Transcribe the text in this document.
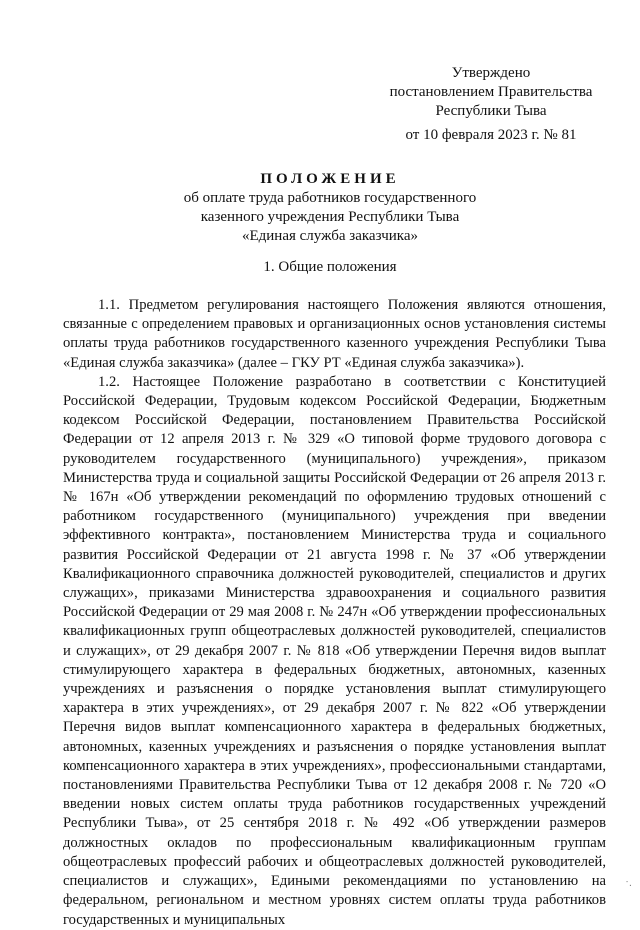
Утверждено
постановлением Правительства
Республики Тыва
от 10 февраля 2023 г. № 81
ПОЛОЖЕНИЕ
об оплате труда работников государственного
казенного учреждения Республики Тыва
«Единая служба заказчика»
1. Общие положения

1.1. Предметом регулирования настоящего Положения являются отношения, связанные с определением правовых и организационных основ установления системы оплаты труда работников государственного казенного учреждения Республики Тыва «Единая служба заказчика» (далее – ГКУ РТ «Единая служба заказчика»).

1.2. Настоящее Положение разработано в соответствии с Конституцией Российской Федерации, Трудовым кодексом Российской Федерации, Бюджетным кодексом Российской Федерации, постановлением Правительства Российской Федерации от 12 апреля 2013 г. № 329 «О типовой форме трудового договора с руководителем государственного (муниципального) учреждения», приказом Министерства труда и социальной защиты Российской Федерации от 26 апреля 2013 г. № 167н «Об утверждении рекомендаций по оформлению трудовых отношений с работником государственного (муниципального) учреждения при введении эффективного контракта», постановлением Министерства труда и социального развития Российской Федерации от 21 августа 1998 г. № 37 «Об утверждении Квалификационного справочника должностей руководителей, специалистов и других служащих», приказами Министерства здравоохранения и социального развития Российской Федерации от 29 мая 2008 г. № 247н «Об утверждении профессиональных квалификационных групп общеотраслевых должностей руководителей, специалистов и служащих», от 29 декабря 2007 г. № 818 «Об утверждении Перечня видов выплат стимулирующего характера в федеральных бюджетных, автономных, казенных учреждениях и разъяснения о порядке установления выплат стимулирующего характера в этих учреждениях», от 29 декабря 2007 г. № 822 «Об утверждении Перечня видов выплат компенсационного характера в федеральных бюджетных, автономных, казенных учреждениях и разъяснения о порядке установления выплат компенсационного характера в этих учреждениях», профессиональными стандартами, постановлениями Правительства Республики Тыва от 12 декабря 2008 г. № 720 «О введении новых систем оплаты труда работников государственных учреждений Республики Тыва», от 25 сентября 2018 г. № 492 «Об утверждении размеров должностных окладов по профессиональным квалификационным группам общеотраслевых профессий рабочих и общеотраслевых должностей руководителей, специалистов и служащих», Едиными рекомендациями по установлению на федеральном, региональном и местном уровнях систем оплаты труда работников государственных и муниципальных

·˙
